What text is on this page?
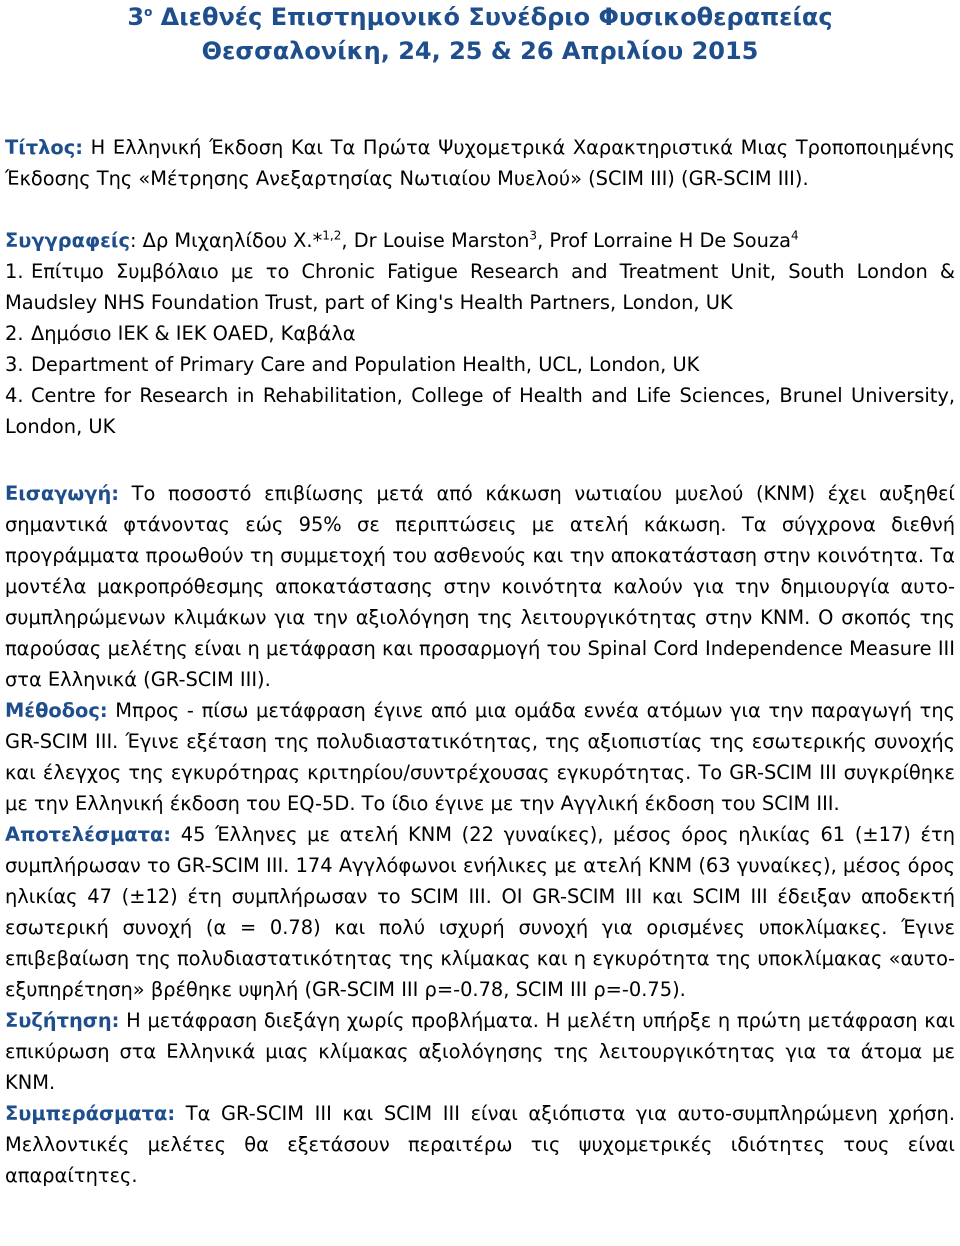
$3^o$ Διεθνές Επιστημονικό Συνέδριο Φυσικοθεραπείας

Θεσσαλονίκη, 24, 25 & 26 Απριλίου 2015

Τίτλος: Η Ελληνική Έκδοση Και Τα Πρώτα Ψυχομετρικά Χαρακτηριστικά Μιας Τροποποιημένης Έκδοσης Της «Μέτρησης Ανεξαρτησίας Νωτιαίου Μυελού» (SCIM III) (GR-SCIM III).

Συγγραφείς: Δρ Μιχαηλίδου Χ.*$^{1,2}$, Dr Louise Marston$^3$, Prof Lorraine H De Souza$^4$

1. Επίτιμο Συμβόλαιο με το Chronic Fatigue Research and Treatment Unit, South London & Maudsley NHS Foundation Trust, part of King's Health Partners, London, UK

2. Δημόσιο ΙΕΚ & ΙΕΚ ΟΑΕD, Καβάλα

3. Department of Primary Care and Population Health, UCL, London, UK

4. Centre for Research in Rehabilitation, College of Health and Life Sciences, Brunel University, London, UK

Εισαγωγή: Το ποσοστό επιβίωσης μετά από κάκωση νωτιαίου μυελού (ΚΝΜ) έχει αυξηθεί σημαντικά φτάνοντας εώς 95% σε περιπτώσεις με ατελή κάκωση. Τα σύγχρονα διεθνή προγράμματα προωθούν τη συμμετοχή του ασθενούς και την αποκατάσταση στην κοινότητα. Τα μοντέλα μακροπρόθεσμης αποκατάστασης στην κοινότητα καλούν για την δημιουργία αυτο-συμπληρώμενων κλιμάκων για την αξιολόγηση της λειτουργικότητας στην ΚΝΜ. Ο σκοπός της παρούσας μελέτης είναι η μετάφραση και προσαρμογή του Spinal Cord Independence Measure III στα Ελληνικά (GR-SCIM III).

Μέθοδος: Μπρος - πίσω μετάφραση έγινε από μια ομάδα εννέα ατόμων για την παραγωγή της GR-SCIM III. Έγινε εξέταση της πολυδιαστατικότητας, της αξιοπιστίας της εσωτερικής συνοχής και έλεγχος της εγκυρότηρας κριτηρίου/συντρέχουσας εγκυρότητας. Το GR-SCIM III συγκρίθηκε με την Ελληνική έκδοση του EQ-5D. Το ίδιο έγινε με την Αγγλική έκδοση του SCIM III.

Αποτελέσματα: 45 Έλληνες με ατελή ΚΝΜ (22 γυναίκες), μέσος όρος ηλικίας 61 (±17) έτη συμπλήρωσαν το GR-SCIM III. 174 Αγγλόφωνοι ενήλικες με ατελή ΚΝΜ (63 γυναίκες), μέσος όρος ηλικίας 47 (±12) έτη συμπλήρωσαν το SCIM III. ΟΙ GR-SCIM III και SCIM III έδειξαν αποδεκτή εσωτερική συνοχή (α = 0.78) και πολύ ισχυρή συνοχή για ορισμένες υποκλίμακες. Έγινε επιβεβαίωση της πολυδιαστατικότητας της κλίμακας και η εγκυρότητα της υποκλίμακας «αυτο-εξυπηρέτηση» βρέθηκε υψηλή (GR-SCIM III ρ=-0.78, SCIM III ρ=-0.75).

Συζήτηση: Η μετάφραση διεξάγη χωρίς προβλήματα. Η μελέτη υπήρξε η πρώτη μετάφραση και επικύρωση στα Ελληνικά μιας κλίμακας αξιολόγησης της λειτουργικότητας για τα άτομα με ΚΝΜ.

Συμπεράσματα: Τα GR-SCIM III και SCIM III είναι αξιόπιστα για αυτο-συμπληρώμενη χρήση. Μελλοντικές μελέτες θα εξετάσουν περαιτέρω τις ψυχομετρικές ιδιότητες τους είναι απαραίτητες.
